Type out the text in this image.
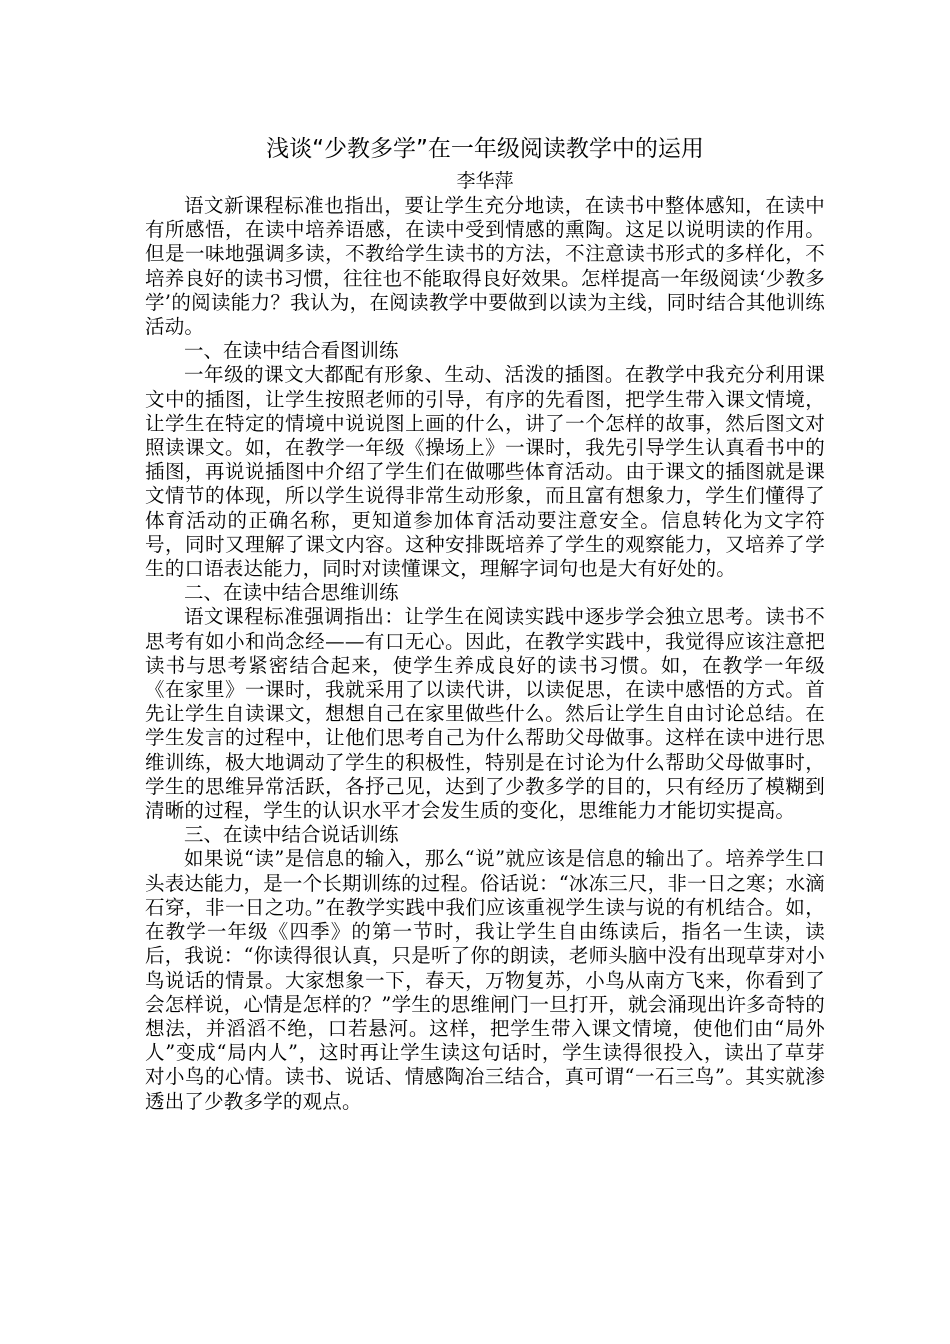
浅谈“少教多学”在一年级阅读教学中的运用

李华萍

语文新课程标准也指出，要让学生充分地读，在读书中整体感知，在读中有所感悟，在读中培养语感，在读中受到情感的熏陶。这足以说明读的作用。但是一味地强调多读，不教给学生读书的方法，不注意读书形式的多样化，不培养良好的读书习惯，往往也不能取得良好效果。怎样提高一年级阅读‘少教多学’的阅读能力？我认为，在阅读教学中要做到以读为主线，同时结合其他训练活动。

一、在读中结合看图训练

一年级的课文大都配有形象、生动、活泼的插图。在教学中我充分利用课文中的插图，让学生按照老师的引导，有序的先看图，把学生带入课文情境，让学生在特定的情境中说说图上画的什么，讲了一个怎样的故事，然后图文对照读课文。如，在教学一年级《操场上》一课时，我先引导学生认真看书中的插图，再说说插图中介绍了学生们在做哪些体育活动。由于课文的插图就是课文情节的体现，所以学生说得非常生动形象，而且富有想象力，学生们懂得了体育活动的正确名称，更知道参加体育活动要注意安全。信息转化为文字符号，同时又理解了课文内容。这种安排既培养了学生的观察能力，又培养了学生的口语表达能力，同时对读懂课文，理解字词句也是大有好处的。

二、在读中结合思维训练

语文课程标准强调指出：让学生在阅读实践中逐步学会独立思考。读书不思考有如小和尚念经——有口无心。因此，在教学实践中，我觉得应该注意把读书与思考紧密结合起来，使学生养成良好的读书习惯。如，在教学一年级《在家里》一课时，我就采用了以读代讲，以读促思，在读中感悟的方式。首先让学生自读课文，想想自己在家里做些什么。然后让学生自由讨论总结。在学生发言的过程中，让他们思考自己为什么帮助父母做事。这样在读中进行思维训练，极大地调动了学生的积极性，特别是在讨论为什么帮助父母做事时，学生的思维异常活跃，各抒己见，达到了少教多学的目的，只有经历了模糊到清晰的过程，学生的认识水平才会发生质的变化，思维能力才能切实提高。

三、在读中结合说话训练

如果说“读”是信息的输入，那么“说”就应该是信息的输出了。培养学生口头表达能力，是一个长期训练的过程。俗话说：“冰冻三尺，非一日之寒；水滴石穿，非一日之功。”在教学实践中我们应该重视学生读与说的有机结合。如，在教学一年级《四季》的第一节时，我让学生自由练读后，指名一生读，读后，我说：“你读得很认真，只是听了你的朗读，老师头脑中没有出现草芽对小鸟说话的情景。大家想象一下，春天，万物复苏，小鸟从南方飞来，你看到了会怎样说，心情是怎样的？”学生的思维闸门一旦打开，就会涌现出许多奇特的想法，并滔滔不绝，口若悬河。这样，把学生带入课文情境，使他们由“局外人”变成“局内人”，这时再让学生读这句话时，学生读得很投入，读出了草芽对小鸟的心情。读书、说话、情感陶冶三结合，真可谓“一石三鸟”。其实就渗透出了少教多学的观点。
